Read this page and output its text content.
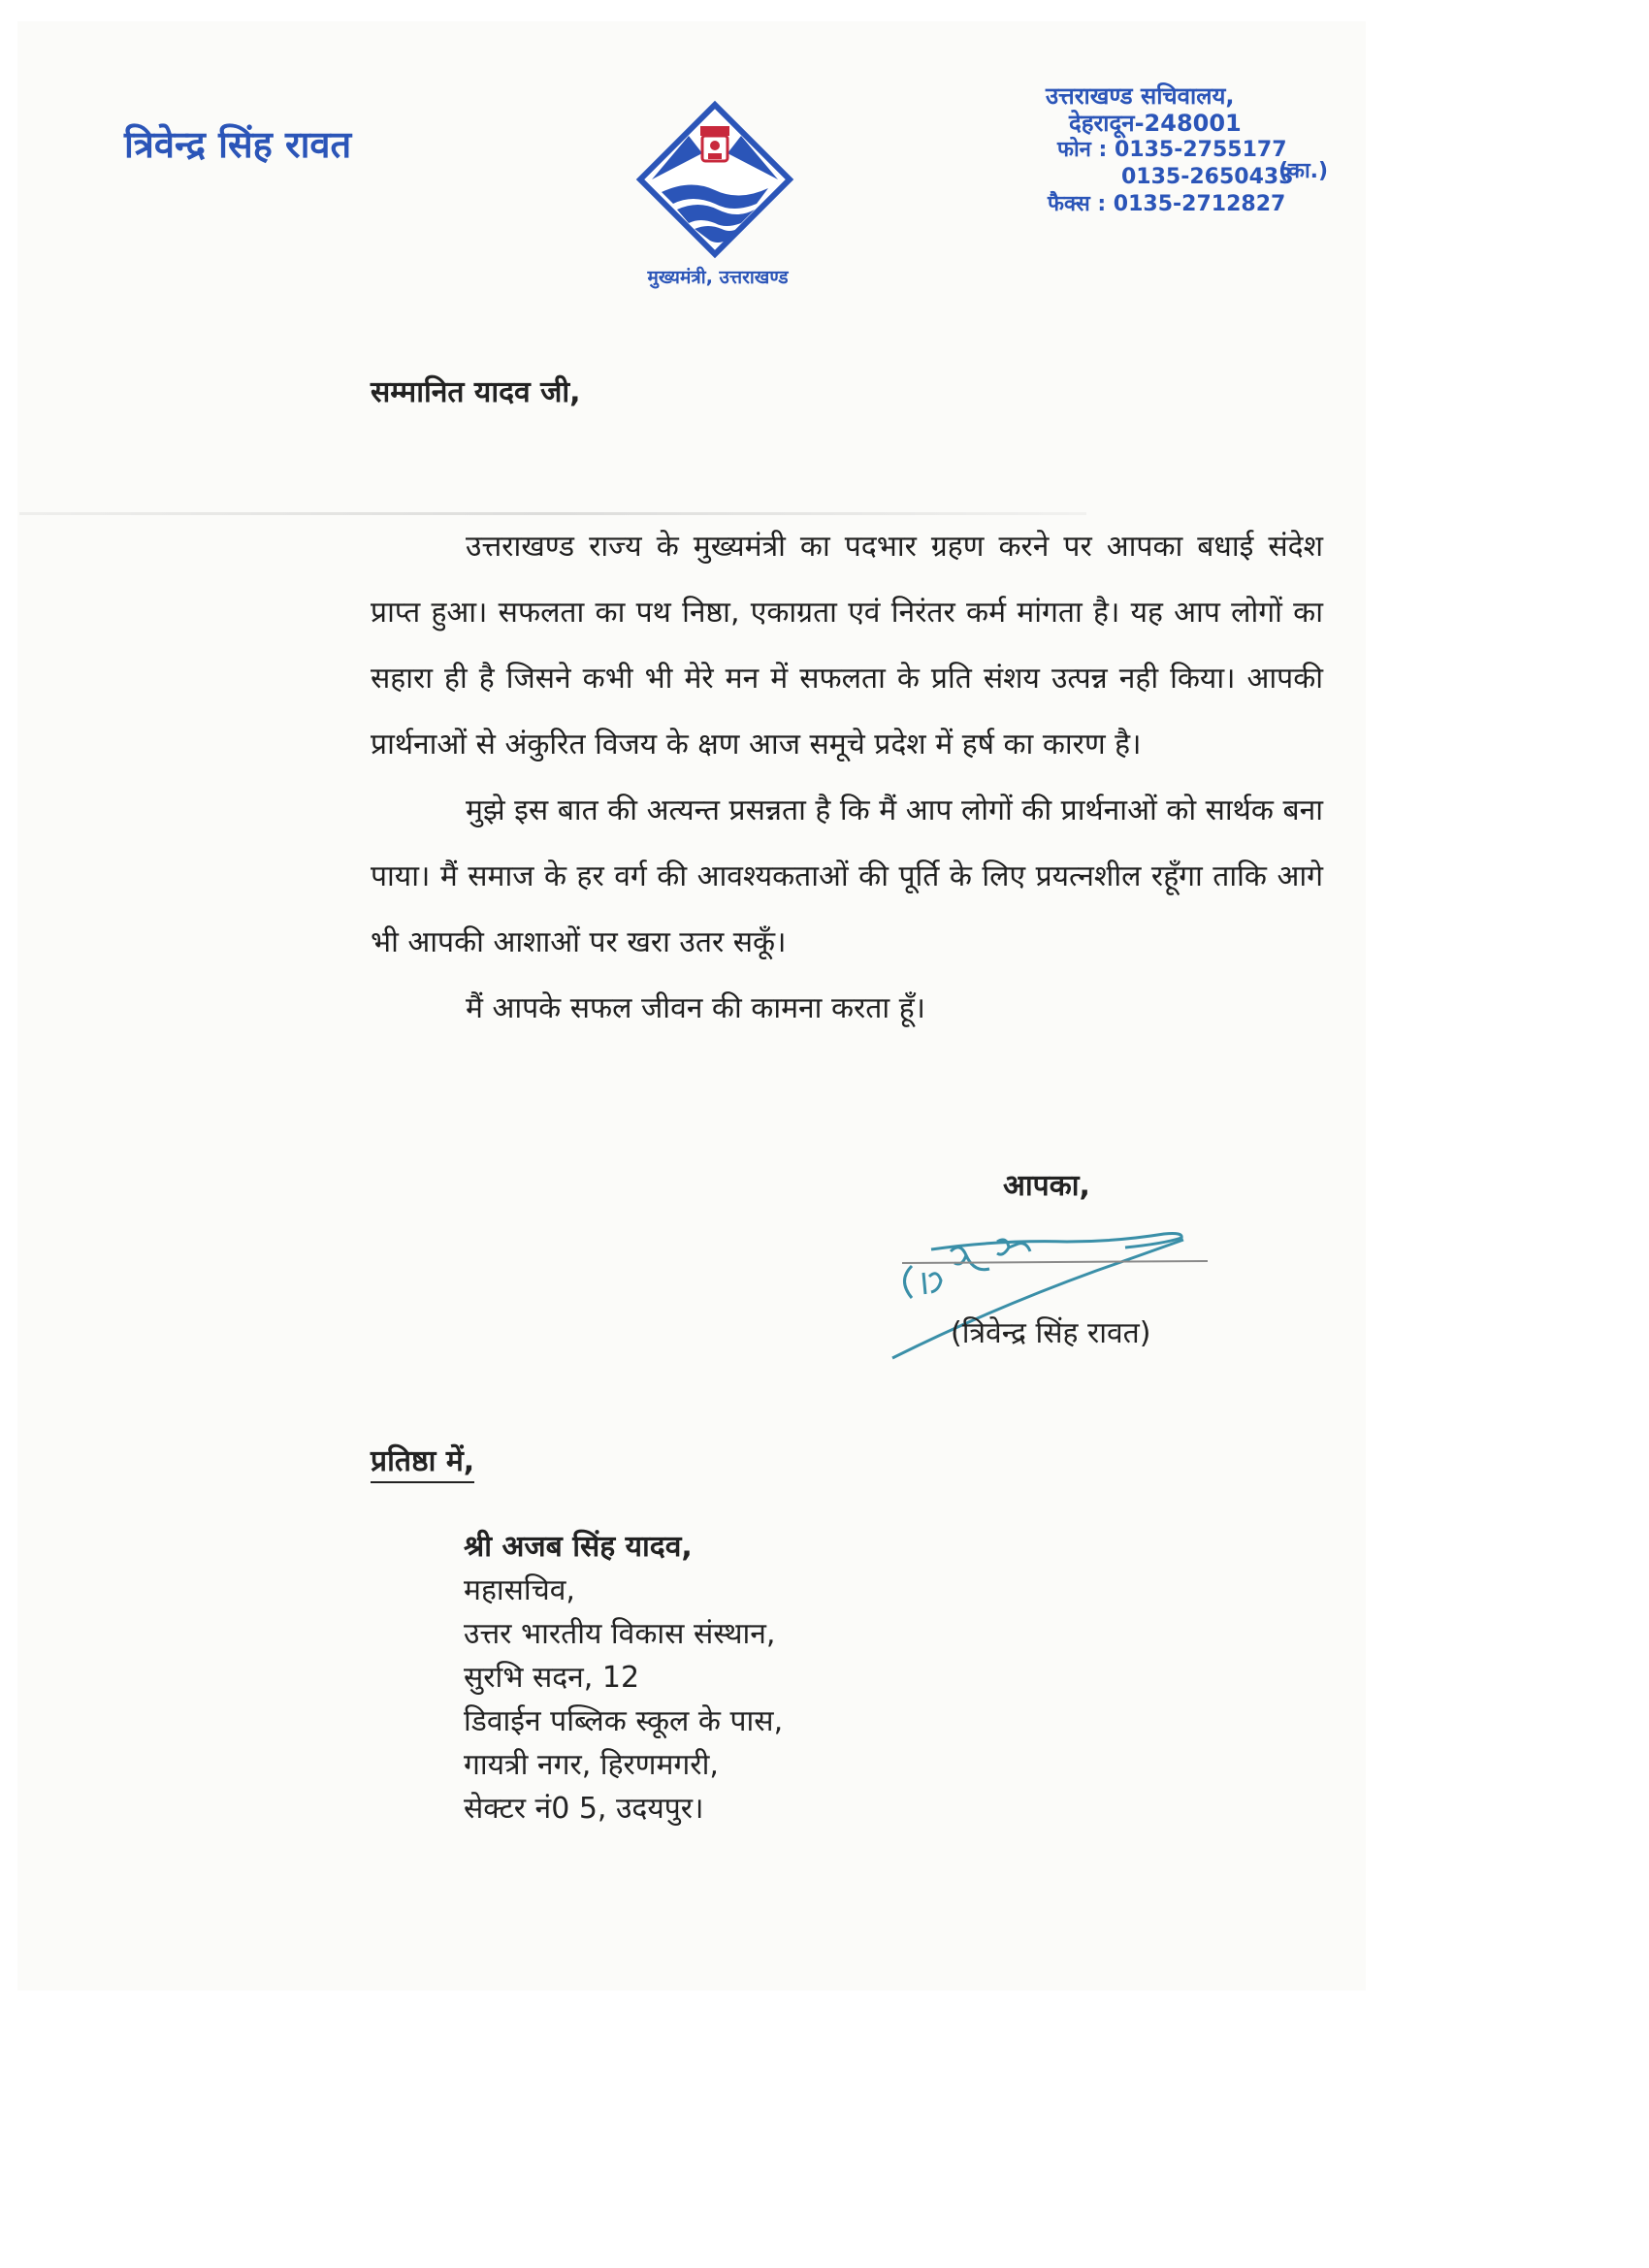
त्रिवेन्द्र सिंह रावत
मुख्यमंत्री, उत्तराखण्ड
उत्तराखण्ड सचिवालय,
देहरादून-248001
फोन : 0135-2755177
0135-2650433
फैक्स : 0135-2712827
(का.)
सम्मानित यादव जी,

उत्तराखण्ड राज्य के मुख्यमंत्री का पदभार ग्रहण करने पर आपका बधाई संदेश प्राप्त हुआ। सफलता का पथ निष्ठा, एकाग्रता एवं निरंतर कर्म मांगता है। यह आप लोगों का सहारा ही है जिसने कभी भी मेरे मन में सफलता के प्रति संशय उत्पन्न नही किया। आपकी प्रार्थनाओं से अंकुरित विजय के क्षण आज समूचे प्रदेश में हर्ष का कारण है।

मुझे इस बात की अत्यन्त प्रसन्नता है कि मैं आप लोगों की प्रार्थनाओं को सार्थक बना पाया। मैं समाज के हर वर्ग की आवश्यकताओं की पूर्ति के लिए प्रयत्नशील रहूँगा ताकि आगे भी आपकी आशाओं पर खरा उतर सकूँ।

मैं आपके सफल जीवन की कामना करता हूँ।

आपका,
(त्रिवेन्द्र सिंह रावत)
प्रतिष्ठा में,
श्री अजब सिंह यादव,
महासचिव,
उत्तर भारतीय विकास संस्थान,
सुरभि सदन, 12
डिवाईन पब्लिक स्कूल के पास,
गायत्री नगर, हिरणमगरी,
सेक्टर नं0 5, उदयपुर।
